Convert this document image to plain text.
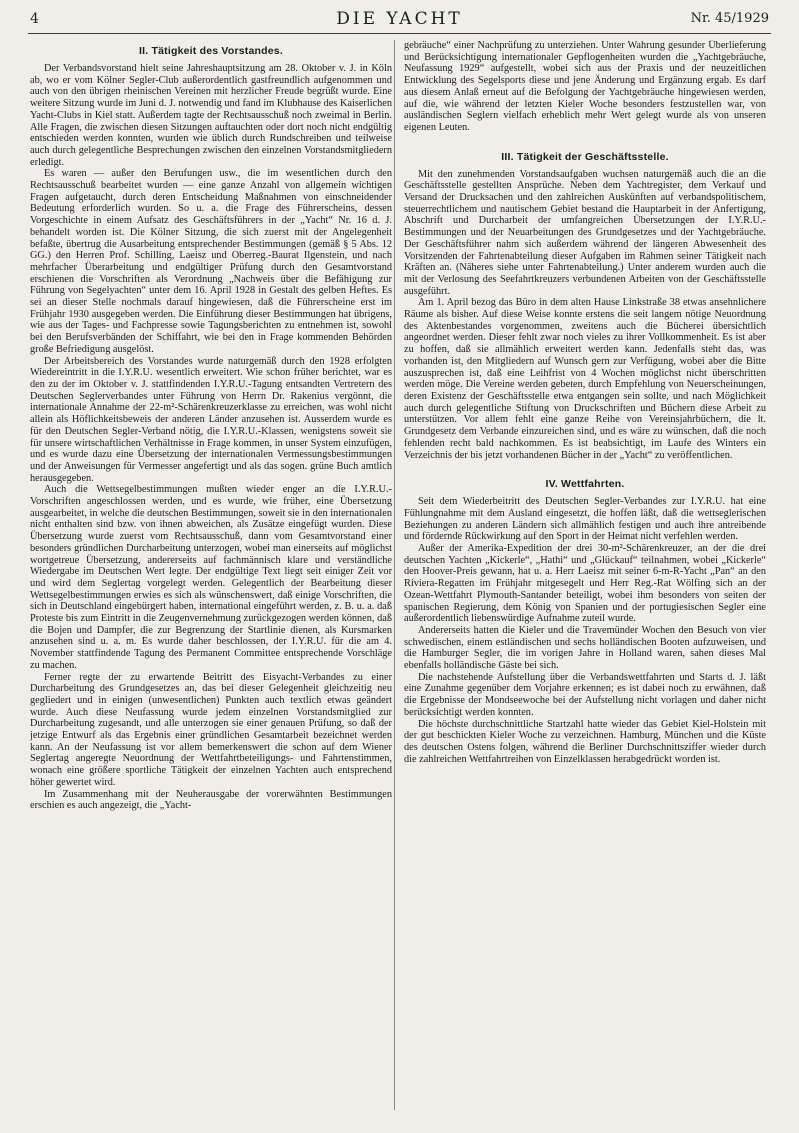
4	DIE YACHT	Nr. 45/1929
II. Tätigkeit des Vorstandes.

Der Verbandsvorstand hielt seine Jahreshauptsitzung am 28. Oktober v. J. in Köln ab, wo er vom Kölner Segler-Club außerordentlich gastfreundlich aufgenommen und auch von den übrigen rheinischen Vereinen mit herzlicher Freude begrüßt wurde. Eine weitere Sitzung wurde im Juni d. J. notwendig und fand im Klubhause des Kaiserlichen Yacht-Clubs in Kiel statt. Außerdem tagte der Rechtsausschuß noch zweimal in Berlin. Alle Fragen, die zwischen diesen Sitzungen auftauchten oder dort noch nicht endgültig entschieden werden konnten, wurden wie üblich durch Rundschreiben und teilweise auch durch gelegentliche Besprechungen zwischen den einzelnen Vorstandsmitgliedern erledigt.

Es waren — außer den Berufungen usw., die im wesentlichen durch den Rechtsausschuß bearbeitet wurden — eine ganze Anzahl von allgemein wichtigen Fragen aufgetaucht, durch deren Entscheidung Maßnahmen von einschneidender Bedeutung erforderlich wurden. So u. a. die Frage des Führerscheins, dessen Vorgeschichte in einem Aufsatz des Geschäftsführers in der „Yacht“ Nr. 16 d. J. behandelt worden ist. Die Kölner Sitzung, die sich zuerst mit der Angelegenheit befaßte, übertrug die Ausarbeitung entsprechender Bestimmungen (gemäß § 5 Abs. 12 GG.) den Herren Prof. Schilling, Laeisz und Oberreg.-Baurat Ilgenstein, und nach mehrfacher Überarbeitung und endgültiger Prüfung durch den Gesamtvorstand erschienen die Vorschriften als Verordnung „Nachweis über die Befähigung zur Führung von Segelyachten“ unter dem 16. April 1928 in Gestalt des gelben Heftes. Es sei an dieser Stelle nochmals darauf hingewiesen, daß die Führerscheine erst im Frühjahr 1930 ausgegeben werden. Die Einführung dieser Bestimmungen hat übrigens, wie aus der Tages- und Fachpresse sowie Tagungsberichten zu entnehmen ist, sowohl bei den Berufsverbänden der Schiffahrt, wie bei den in Frage kommenden Behörden große Befriedigung ausgelöst.

Der Arbeitsbereich des Vorstandes wurde naturgemäß durch den 1928 erfolgten Wiedereintritt in die I.Y.R.U. wesentlich erweitert. Wie schon früher berichtet, war es den zu der im Oktober v. J. stattfindenden I.Y.R.U.-Tagung entsandten Vertretern des Deutschen Seglerverbandes unter Führung von Herrn Dr. Rakenius vergönnt, die internationale Annahme der 22-m²-Schärenkreuzerklasse zu erreichen, was wohl nicht allein als Höflichkeitsbeweis der anderen Länder anzusehen ist. Ausserdem wurde es für den Deutschen Segler-Verband nötig, die I.Y.R.U.-Klassen, wenigstens soweit sie für unsere wirtschaftlichen Verhältnisse in Frage kommen, in unser System einzufügen, und es wurde dazu eine Übersetzung der internationalen Vermessungsbestimmungen und der Anweisungen für Vermesser angefertigt und als das sogen. grüne Buch amtlich herausgegeben.

Auch die Wettsegelbestimmungen mußten wieder enger an die I.Y.R.U.-Vorschriften angeschlossen werden, und es wurde, wie früher, eine Übersetzung ausgearbeitet, in welche die deutschen Bestimmungen, soweit sie in den internationalen nicht enthalten sind bzw. von ihnen abweichen, als Zusätze eingefügt wurden. Diese Übersetzung wurde zuerst vom Rechtsausschuß, dann vom Gesamtvorstand einer besonders gründlichen Durcharbeitung unterzogen, wobei man einerseits auf möglichst wortgetreue Übersetzung, andererseits auf fachmännisch klare und verständliche Wiedergabe im Deutschen Wert legte. Der endgültige Text liegt seit einiger Zeit vor und wird dem Seglertag vorgelegt werden. Gelegentlich der Bearbeitung dieser Wettsegelbestimmungen erwies es sich als wünschenswert, daß einige Vorschriften, die sich in Deutschland eingebürgert haben, international eingeführt werden, z. B. u. a. daß Proteste bis zum Eintritt in die Zeugenvernehmung zurückgezogen werden können, daß die Bojen und Dampfer, die zur Begrenzung der Startlinie dienen, als Kursmarken anzusehen sind u. a. m. Es wurde daher beschlossen, der I.Y.R.U. für die am 4. November stattfindende Tagung des Permanent Committee entsprechende Vorschläge zu machen.

Ferner regte der zu erwartende Beitritt des Eisyacht-Verbandes zu einer Durcharbeitung des Grundgesetzes an, das bei dieser Gelegenheit gleichzeitig neu gegliedert und in einigen (unwesentlichen) Punkten auch textlich etwas geändert wurde. Auch diese Neufassung wurde jedem einzelnen Vorstandsmitglied zur Durcharbeitung zugesandt, und alle unterzogen sie einer genauen Prüfung, so daß der jetzige Entwurf als das Ergebnis einer gründlichen Gesamtarbeit bezeichnet werden kann. An der Neufassung ist vor allem bemerkenswert die schon auf dem Wiener Seglertag angeregte Neuordnung der Wettfahrtbeteiligungs- und Fahrtenstimmen, wonach eine größere sportliche Tätigkeit der einzelnen Yachten auch entsprechend höher gewertet wird.

Im Zusammenhang mit der Neuherausgabe der vorerwähnten Bestimmungen erschien es auch angezeigt, die „Yacht-

gebräuche“ einer Nachprüfung zu unterziehen. Unter Wahrung gesunder Überlieferung und Berücksichtigung internationaler Gepflogenheiten wurden die „Yachtgebräuche, Neufassung 1929“ aufgestellt, wobei sich aus der Praxis und der neuzeitlichen Entwicklung des Segelsports diese und jene Änderung und Ergänzung ergab. Es darf aus diesem Anlaß erneut auf die Befolgung der Yachtgebräuche hingewiesen werden, auf die, wie während der letzten Kieler Woche besonders festzustellen war, von ausländischen Seglern vielfach erheblich mehr Wert gelegt wurde als von unseren eigenen Leuten.

III. Tätigkeit der Geschäftsstelle.

Mit den zunehmenden Vorstandsaufgaben wuchsen naturgemäß auch die an die Geschäftsstelle gestellten Ansprüche. Neben dem Yachtregister, dem Verkauf und Versand der Drucksachen und den zahlreichen Auskünften auf verbandspolitischem, steuerrechtlichem und nautischem Gebiet bestand die Hauptarbeit in der Anfertigung, Abschrift und Durcharbeit der umfangreichen Übersetzungen der I.Y.R.U.-Bestimmungen und der Neuarbeitungen des Grundgesetzes und der Yachtgebräuche. Der Geschäftsführer nahm sich außerdem während der längeren Abwesenheit des Vorsitzenden der Fahrtenabteilung dieser Aufgaben im Rahmen seiner Tätigkeit nach Kräften an. (Näheres siehe unter Fahrtenabteilung.) Unter anderem wurden auch die mit der Verlosung des Seefahrtkreuzers verbundenen Arbeiten von der Geschäftsstelle ausgeführt.

Am 1. April bezog das Büro in dem alten Hause Linkstraße 38 etwas ansehnlichere Räume als bisher. Auf diese Weise konnte erstens die seit langem nötige Neuordnung des Aktenbestandes vorgenommen, zweitens auch die Bücherei übersichtlich angeordnet werden. Dieser fehlt zwar noch vieles zu ihrer Vollkommenheit. Es ist aber zu hoffen, daß sie allmählich erweitert werden kann. Jedenfalls steht das, was vorhanden ist, den Mitgliedern auf Wunsch gern zur Verfügung, wobei aber die Bitte auszusprechen ist, daß eine Leihfrist von 4 Wochen möglichst nicht überschritten werden möge. Die Vereine werden gebeten, durch Empfehlung von Neuerscheinungen, deren Existenz der Geschäftsstelle etwa entgangen sein sollte, und nach Möglichkeit auch durch gelegentliche Stiftung von Druckschriften und Büchern diese Arbeit zu unterstützen. Vor allem fehlt eine ganze Reihe von Vereinsjahrbüchern, die lt. Grundgesetz dem Verbande einzureichen sind, und es wäre zu wünschen, daß die noch fehlenden recht bald nachkommen. Es ist beabsichtigt, im Laufe des Winters ein Verzeichnis der bis jetzt vorhandenen Bücher in der „Yacht“ zu veröffentlichen.

IV. Wettfahrten.

Seit dem Wiederbeitritt des Deutschen Segler-Verbandes zur I.Y.R.U. hat eine Fühlungnahme mit dem Ausland eingesetzt, die hoffen läßt, daß die wettseglerischen Beziehungen zu anderen Ländern sich allmählich festigen und auch ihre antreibende und fördernde Rückwirkung auf den Sport in der Heimat nicht verfehlen werden.

Außer der Amerika-Expedition der drei 30-m²-Schärenkreuzer, an der die drei deutschen Yachten „Kickerle“, „Hathi“ und „Glückauf“ teilnahmen, wobei „Kickerle“ den Hoover-Preis gewann, hat u. a. Herr Laeisz mit seiner 6-m-R-Yacht „Pan“ an den Riviera-Regatten im Frühjahr mitgesegelt und Herr Reg.-Rat Wölfing sich an der Ozean-Wettfahrt Plymouth-Santander beteiligt, wobei ihm besonders von seiten der spanischen Regierung, dem König von Spanien und der portugiesischen Segler eine außerordentlich liebenswürdige Aufnahme zuteil wurde.

Andererseits hatten die Kieler und die Travemünder Wochen den Besuch von vier schwedischen, einem estländischen und sechs holländischen Booten aufzuweisen, und die Hamburger Segler, die im vorigen Jahre in Holland waren, sahen dieses Mal ebenfalls holländische Gäste bei sich.

Die nachstehende Aufstellung über die Verbandswettfahrten und Starts d. J. läßt eine Zunahme gegenüber dem Vorjahre erkennen; es ist dabei noch zu erwähnen, daß die Ergebnisse der Mondseewoche bei der Aufstellung nicht vorlagen und daher nicht berücksichtigt werden konnten.

Die höchste durchschnittliche Startzahl hatte wieder das Gebiet Kiel-Holstein mit der gut beschickten Kieler Woche zu verzeichnen. Hamburg, München und die Küste des deutschen Ostens folgen, während die Berliner Durchschnittsziffer wieder durch die zahlreichen Wettfahrtreihen von Einzelklassen herabgedrückt worden ist.
